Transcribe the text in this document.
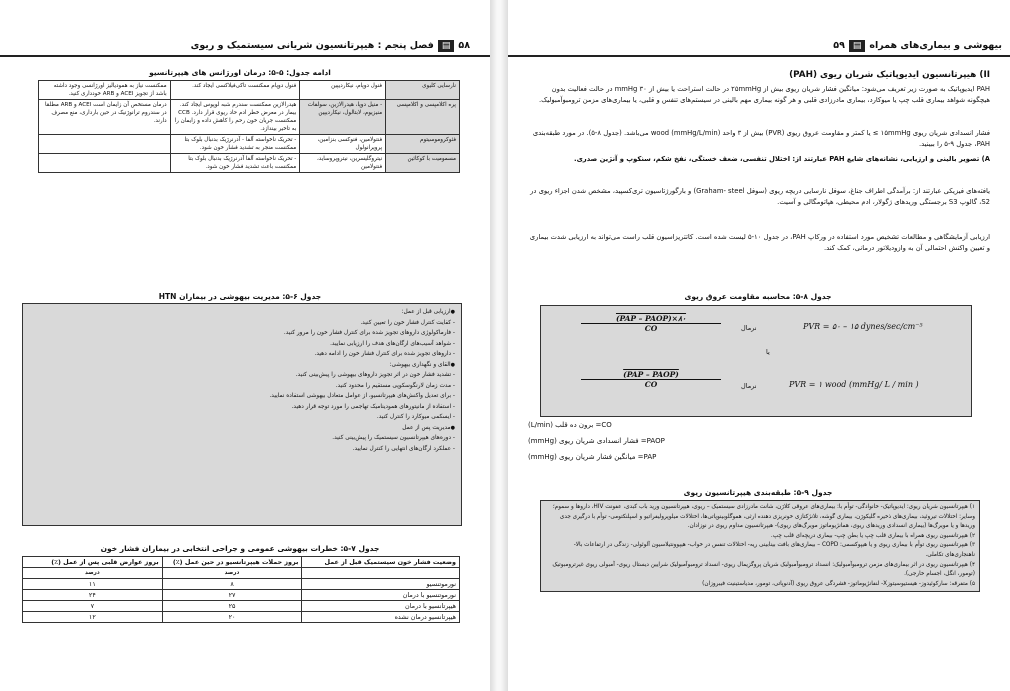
فصل پنجم : هیپرتانسیون شریانی سیستمیک و ریوی ▤ ۵۸
ادامه جدول: ۵-۵: درمان اورژانس های هیپرتانسیو
نارسایی کلیوی	فنول دوپام، نیکاردیپین	فنول دوپام ممکنست تاکی‌فیلاکسی ایجاد کند.	ممکنست نیاز به همودیالیز اورژانسی وجود داشته باشد از تجویز ACEI و ARB خودداری کنید.
پره اکلامپسی و اکلامپسی	- منیل دوپا، هیدرالازین، سولفات منیزیوم، لابتالول، نیکاردیپین	هیدرالازین ممکنست سندرم شبه لوپوس ایجاد کند. بیمار در معرض خطر ادم حاد ریوی قرار دارد. CCB ممکنست جریان خون رحم را کاهش داده و زایمان را به تاخیر بیندازد.	درمان مستخص آن زایمان است ACEI و ARB مطلقا در سندروم ترانوژنیک در حین بارداری، منع مصرف دارند.
فئوکروموسیتوم	فنتولامین، فنوکسی بنزامین، پروپرانولول	- تحریک ناخواسته آلفا - آدرنرژیک بدنبال بلوک بتا ممکنست منجر به تشدید فشار خون شود.	
مسمومیت با کوکائین	نیتروگلیسرین، نیتروپروساید، فنتولامین	- تحریک ناخواسته آلفا آدرنرژیک بدنبال بلوک بتا ممکنست باعث تشدید فشار خون شود.	
جدول ۶-۵: مدیریت بیهوشی در بیماران HTN
● ارزیابی قبل از عمل:
- کفایت کنترل فشار خون را تعیین کنید.
- فارماکولوژی داروهای تجویز شده برای کنترل فشار خون را مرور کنید.
- شواهد آسیب‌های ارگان‌های هدف را ارزیابی نمایید.
- داروهای تجویز شده برای کنترل فشار خون را ادامه دهید.
● القای و نگهداری بیهوشی:
- تشدید فشار خون در اثر تجویز داروهای بیهوشی را پیش‌بینی کنید.
- مدت زمان لارنگوسکوپی مستقیم را محدود کنید.
- برای تعدیل واکنش‌های هیپرتانسیو، از عوامل متعادل بیهوشی استفاده نمایید.
- استفاده از مانیتورهای همودینامیک تهاجمی را مورد توجه قرار دهید.
- ایسکمی میوکارد را کنترل کنید.
● مدیریت پس از عمل
- دوره‌های هیپرتانسیون سیستمیک را پیش‌بینی کنید.
- عملکرد ارگان‌های انتهایی را کنترل نمایید.
جدول ۷-۵: خطرات بیهوشی عمومی و جراحی انتخابی در بیماران فشار خون
وضعیت فشار خون سیستمیک قبل از عمل	بروز حملات هیپرتانسیو در حین عمل (٪)	بروز عوارض قلبی پس از عمل (٪)
	درصد	درصد
نورموتنسیو	۸	۱۱
نورموتنسیو با درمان	۲۷	۲۴
هیپرتانسیو با درمان	۲۵	۷
هیپرتانسیو درمان نشده	۲۰	۱۲
بیهوشی و بیماری‌های همراه
▤
۵۹
II) هیپرتانسیون ایدیوپاتیک شریان ریوی (PAH)
PAH ایدیوپاتیک به صورت زیر تعریف می‌شود: میانگین فشار شریان ریوی بیش از ۲۵mmHg در حالت استراحت یا بیش از mmHg ۳۰ در حالت فعالیت بدون هیچگونه شواهد بیماری قلب چپ یا میوکارد، بیماری مادرزادی قلبی و هر گونه بیماری مهم بالینی در سیستم‌های تنفس و قلبی، یا بیماری‌های مزمن ترومبوآمبولیک.
فشار انسدادی شریان ریوی ۱۵mmHg ≥ یا کمتر و مقاومت عروق ریوی (PVR) بیش از ۳ واحد wood (mmHg/L/min) می‌باشد. (جدول ۸-۵). در مورد طبقه‌بندی PAH، جدول ۹-۵ را ببینید.
A) تصویر بالینی و ارزیابی، نشانه‌های شایع PAH عبارتند از: اختلال تنفسی، ضعف خستگی، نفخ شکم، سنکوپ و آنژین صدری.
یافته‌های فیزیکی عبارتند از: برآمدگی اطراف جناغ، سوفل نارسایی دریچه ریوی (سوفل Graham- steel) و بارگورژتاسیون تری‌کسپید، مشخص شدن اجزاء ریوی در S2، گالوپ S3 برجستگی وریدهای ژگولار، ادم محیطی، هپاتومگالی و آسیت.
ارزیابی آزمایشگاهی و مطالعات تشخیص مورد استفاده در ورکاپ PAH، در جدول ۱۰-۵ لیست شده است. کاتتریزاسیون قلب راست می‌تواند به ارزیابی شدت بیماری و تعیین واکنش احتمالی آن به وازودیلاتور درمانی، کمک کند.
جدول ۸-۵: محاسبه مقاومت عروق ریوی
(PAP – PAOP)×۸۰
CO	نرمال	PVR = ۵۰ – ۱۵ dynes/sec/cm⁻⁵
یا
(PAP – PAOP)
CO	نرمال	PVR = ۱ wood (mmHg/ L / min )
CO= برون ده قلب (L/min)
PAOP= فشار انسدادی شریان ریوی (mmHg)
PAP= میانگین فشار شریان ریوی (mmHg)
جدول ۹-۵: طبقه‌بندی هیپرتانسیون ریوی
۱) هیپرتانسیون شریان ریوی: ایدیوپاتیک- خانوادگی- توأم با: بیماری‌های عروقی کلاژن، شانت مادرزادی سیستمیک – ریوی، هیپرتانسیون ورید باب کبدی، عفونت HIV، داروها و سموم؛ وسایر: اختلالات تیروئید، بیماری‌های ذخیره گلیکوژن، بیماری گوشه، تلانژکتازی خونریزی دهنده ارثی، هموگلوبینوپاتی‌ها، اختلالات میلوپرولیفراتیو و اسپلنکتومی- توأم با درگیری جدی وریدها و یا مویرگ‌ها (بیماری انسدادی وریدهای ریوی، همانژیوماتوز مویرگ‌های ریوی)- هیپرتانسیون مداوم ریوی در نوزادان.
۲) هیپرتانسیون ریوی همراه با بیماری قلب چپ یا بطن چپ- بیماری دریچه‌ای قلب چپ.
۳) هیپرتانسیون ریوی توأم با بیماری ریوی و یا هیپوکسمی: COPD – بیماری‌های بافت بینابینی ریه- اختلالات تنفس در خواب- هیپوونتیلاسیون آلوئولی- زندگی در ارتفاعات بالا- ناهنجاری‌های تکاملی.
۴) هیپرتانسیون ریوی در اثر بیماری‌های مزمن ترومبوآمبولیک: انسداد ترومبوآمبولیک شریان پروگزیمال ریوی- انسداد ترومبوآمبولیک شرایین دیستال ریوی- آمبولی ریوی غیرترومبوتیک (تومور، انگل، اجسام خارجی).
۵) متفرقه: سارکوئیدوز- هیستیوسیتوزX- لنفانژیوماتوز- فشردگی عروق ریوی (آدنوپاتی، تومور، مدیاستینیت فیبروزان)
